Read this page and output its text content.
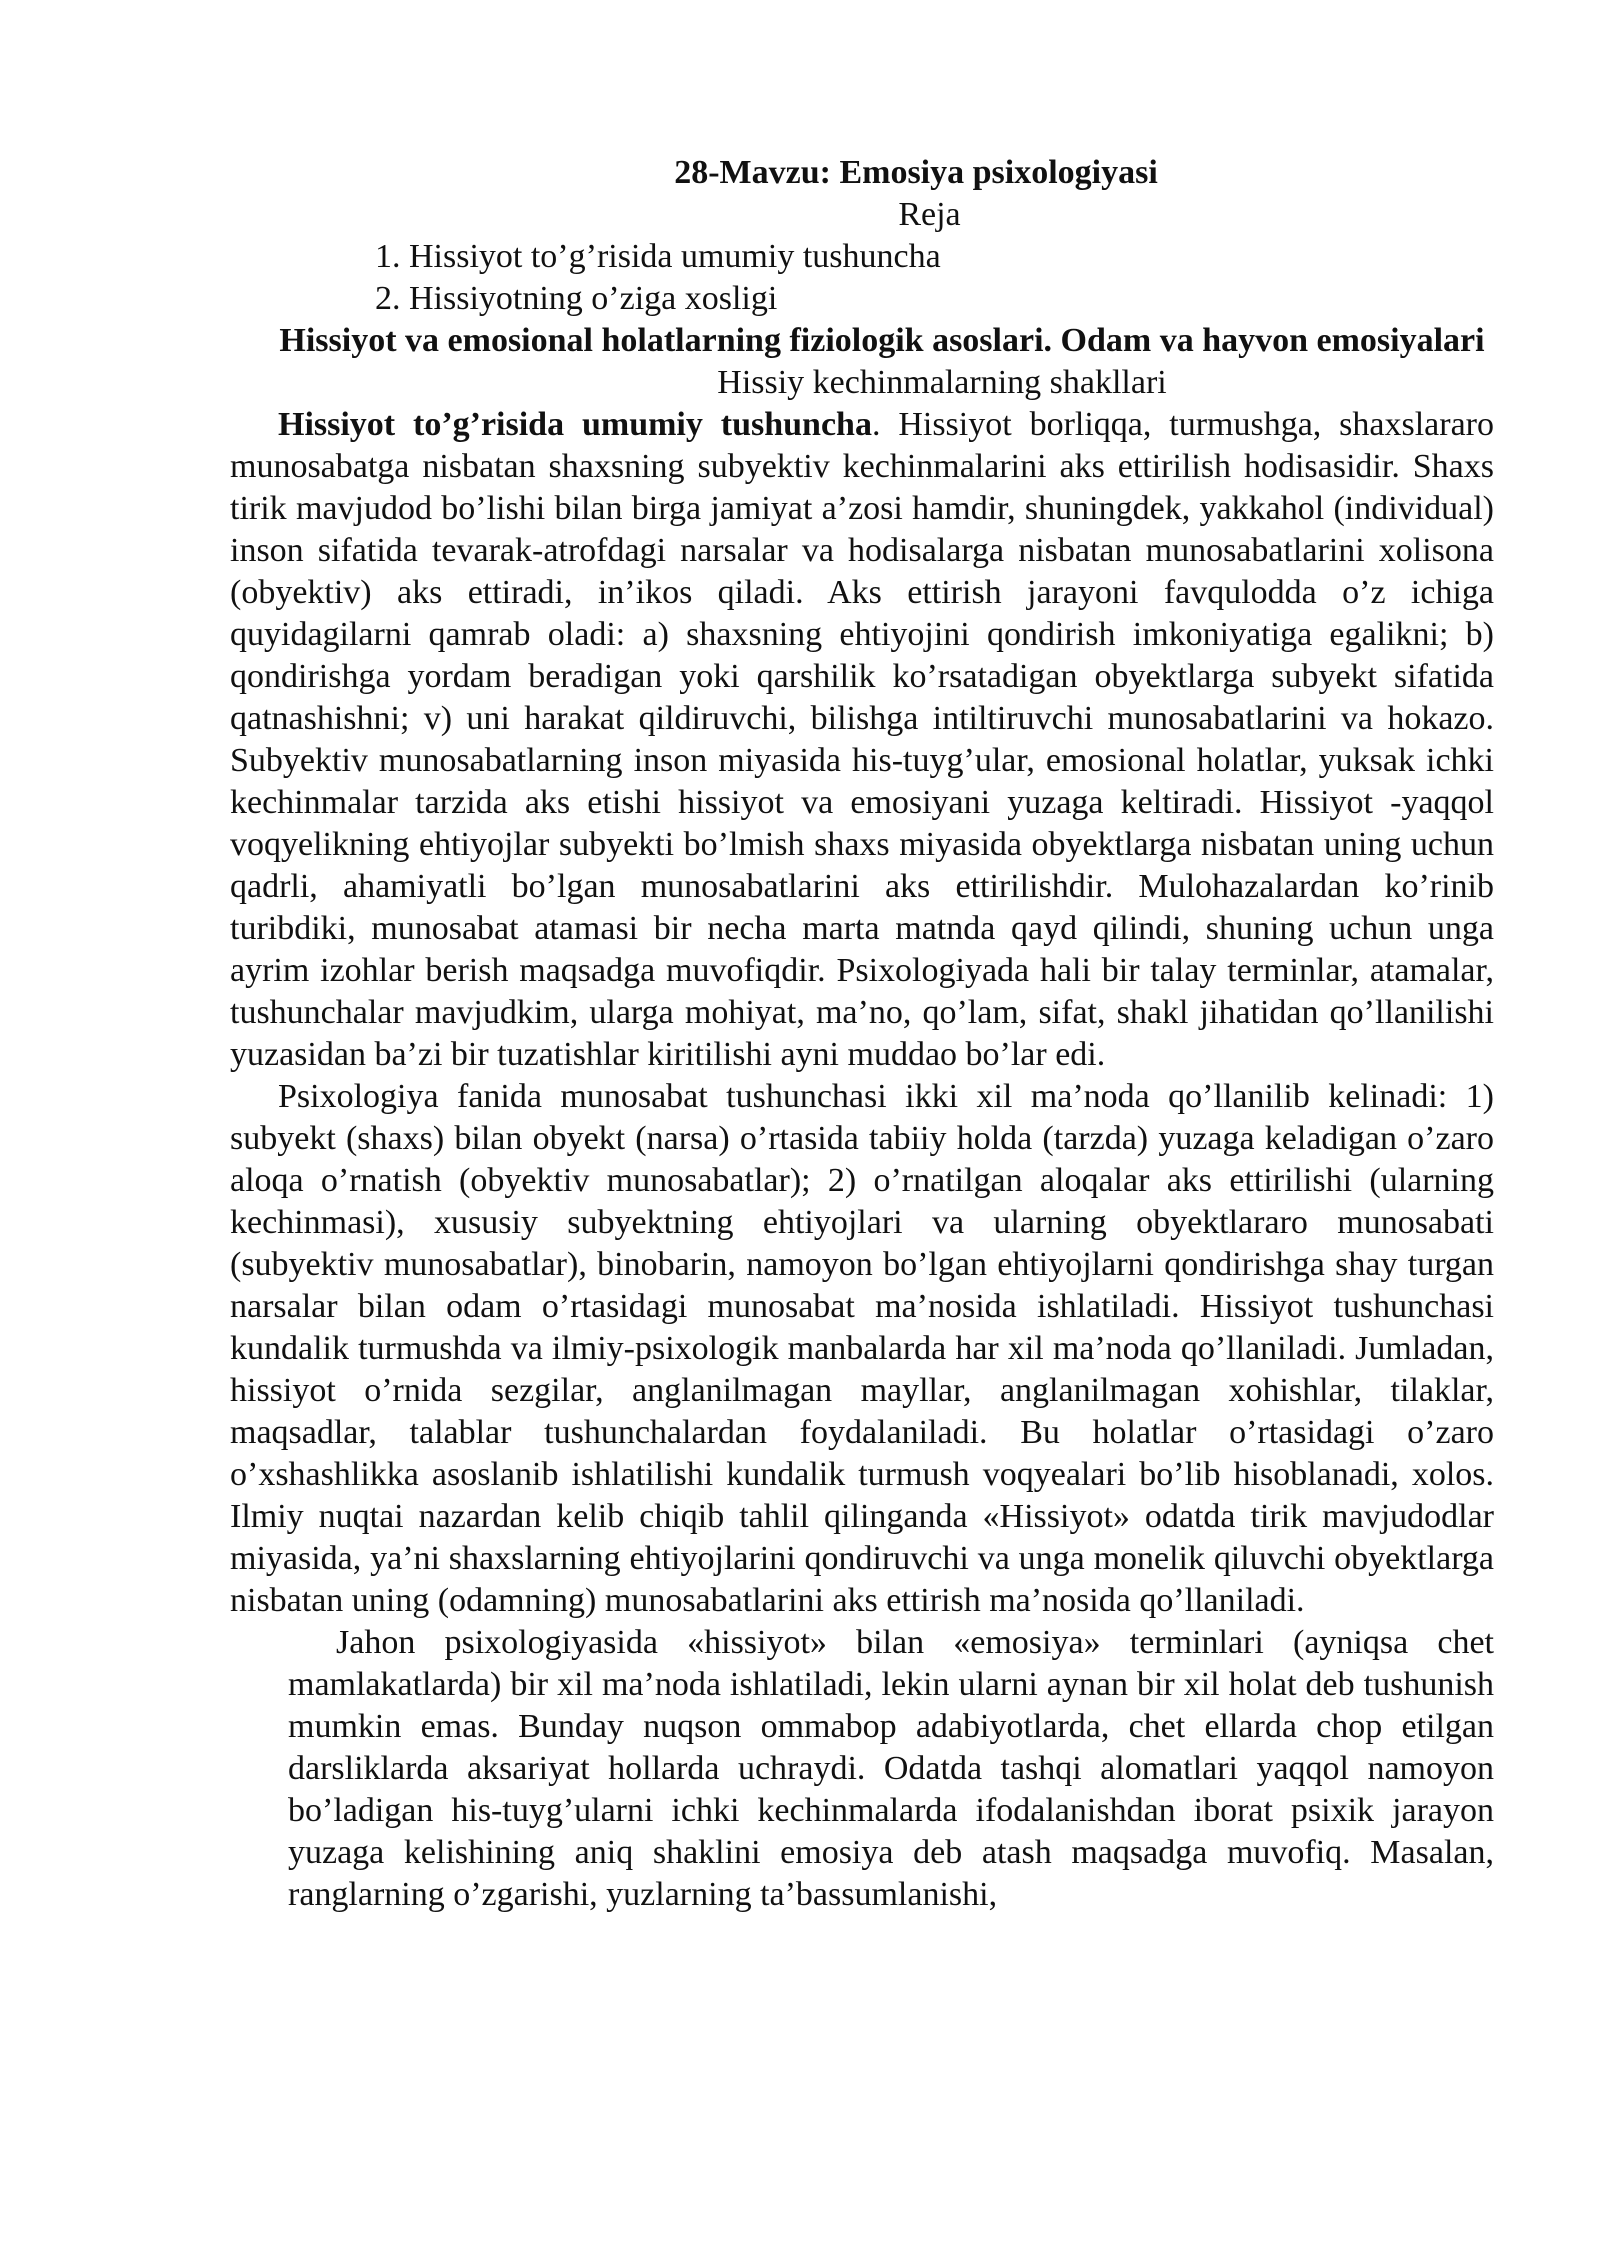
28-Mavzu: Emosiya psixologiyasi
Reja
1. Hissiyot to’g’risida umumiy tushuncha
2. Hissiyotning o’ziga xosligi
Hissiyot va emosional holatlarning fiziologik asoslari. Odam va hayvon emosiyalari
Hissiy kechinmalarning shakllari

Hissiyot to’g’risida umumiy tushuncha. Hissiyot borliqqa, turmushga, shaxslararo munosabatga nisbatan shaxsning subyektiv kechinmalarini aks ettirilish hodisasidir. Shaxs tirik mavjudod bo’lishi bilan birga jamiyat a’zosi hamdir, shuningdek, yakkahol (individual) inson sifatida tevarak-atrofdagi narsalar va hodisalarga nisbatan munosabatlarini xolisona (obyektiv) aks ettiradi, in’ikos qiladi. Aks ettirish jarayoni favqulodda o’z ichiga quyidagilarni qamrab oladi: a) shaxsning ehtiyojini qondirish imkoniyatiga egalikni; b) qondirishga yordam beradigan yoki qarshilik ko’rsatadigan obyektlarga subyekt sifatida qatnashishni; v) uni harakat qildiruvchi, bilishga intiltiruvchi munosabatlarini va hokazo. Subyektiv munosabatlarning inson miyasida his-tuyg’ular, emosional holatlar, yuksak ichki kechinmalar tarzida aks etishi hissiyot va emosiyani yuzaga keltiradi. Hissiyot -yaqqol voqyelikning ehtiyojlar subyekti bo’lmish shaxs miyasida obyektlarga nisbatan uning uchun qadrli, ahamiyatli bo’lgan munosabatlarini aks ettirilishdir. Mulohazalardan ko’rinib turibdiki, munosabat atamasi bir necha marta matnda qayd qilindi, shuning uchun unga ayrim izohlar berish maqsadga muvofiqdir. Psixologiyada hali bir talay terminlar, atamalar, tushunchalar mavjudkim, ularga mohiyat, ma’no, qo’lam, sifat, shakl jihatidan qo’llanilishi yuzasidan ba’zi bir tuzatishlar kiritilishi ayni muddao bo’lar edi.

Psixologiya fanida munosabat tushunchasi ikki xil ma’noda qo’llanilib kelinadi: 1) subyekt (shaxs) bilan obyekt (narsa) o’rtasida tabiiy holda (tarzda) yuzaga keladigan o’zaro aloqa o’rnatish (obyektiv munosabatlar); 2) o’rnatilgan aloqalar aks ettirilishi (ularning kechinmasi), xususiy subyektning ehtiyojlari va ularning obyektlararo munosabati (subyektiv munosabatlar), binobarin, namoyon bo’lgan ehtiyojlarni qondirishga shay turgan narsalar bilan odam o’rtasidagi munosabat ma’nosida ishlatiladi. Hissiyot tushunchasi kundalik turmushda va ilmiy-psixologik manbalarda har xil ma’noda qo’llaniladi. Jumladan, hissiyot o’rnida sezgilar, anglanilmagan mayllar, anglanilmagan xohishlar, tilaklar, maqsadlar, talablar tushunchalardan foydalaniladi. Bu holatlar o’rtasidagi o’zaro o’xshashlikka asoslanib ishlatilishi kundalik turmush voqyealari bo’lib hisoblanadi, xolos. Ilmiy nuqtai nazardan kelib chiqib tahlil qilinganda «Hissiyot» odatda tirik mavjudodlar miyasida, ya’ni shaxslarning ehtiyojlarini qondiruvchi va unga monelik qiluvchi obyektlarga nisbatan uning (odamning) munosabatlarini aks ettirish ma’nosida qo’llaniladi.

Jahon psixologiyasida «hissiyot» bilan «emosiya» terminlari (ayniqsa chet mamlakatlarda) bir xil ma’noda ishlatiladi, lekin ularni aynan bir xil holat deb tushunish mumkin emas. Bunday nuqson ommabop adabiyotlarda, chet ellarda chop etilgan darsliklarda aksariyat hollarda uchraydi. Odatda tashqi alomatlari yaqqol namoyon bo’ladigan his-tuyg’ularni ichki kechinmalarda ifodalanishdan iborat psixik jarayon yuzaga kelishining aniq shaklini emosiya deb atash maqsadga muvofiq. Masalan, ranglarning o’zgarishi, yuzlarning ta’bassumlanishi,
